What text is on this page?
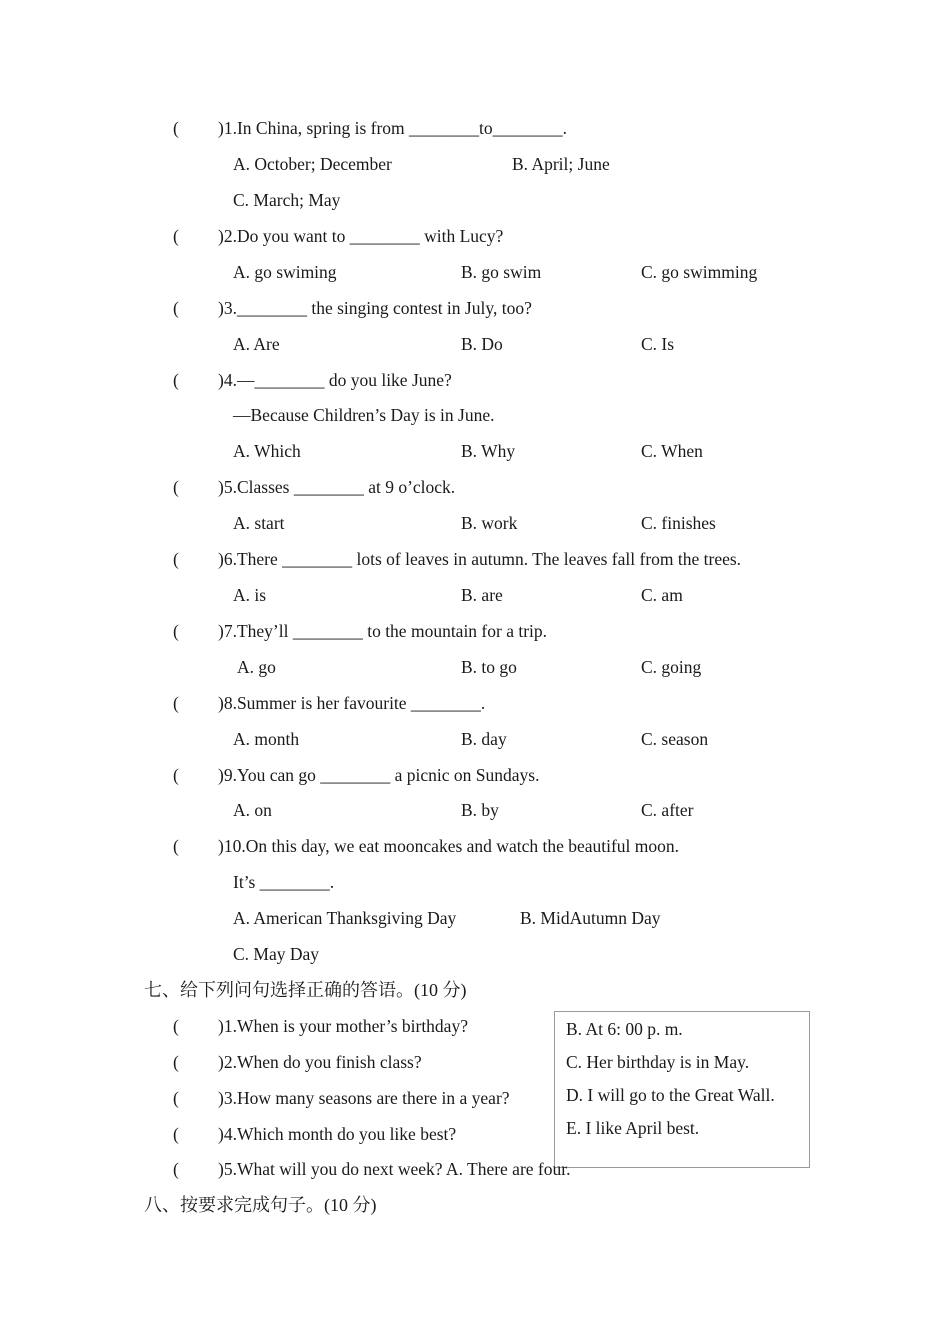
( )1.In China, spring is from ________to________.
A. October; December	B. April; June
C. March; May
( )2.Do you want to ________ with Lucy?
A. go swiming	B. go swim	C. go swimming
( )3.________ the singing contest in July, too?
A. Are	B. Do	C. Is
( )4.—________ do you like June?
—Because Children’s Day is in June.
A. Which	B. Why	C. When
( )5.Classes ________ at 9 o’clock.
A. start	B. work	C. finishes
( )6.There ________ lots of leaves in autumn. The leaves fall from the trees.
A. is	B. are	C. am
( )7.They’ll ________ to the mountain for a trip.
A. go	B. to go	C. going
( )8.Summer is her favourite ________.
A. month	B. day	C. season
( )9.You can go ________ a picnic on Sundays.
A. on	B. by	C. after
( )10.On this day, we eat mooncakes and watch the beautiful moon.
It’s ________.
A. American Thanksgiving Day	B. MidAutumn Day
C. May Day
七、给下列问句选择正确的答语。(10 分)
B. At 6: 00 p. m.
C. Her birthday is in May.
D. I will go to the Great Wall.
E. I like April best.
( )1.When is your mother’s birthday?
( )2.When do you finish class?
( )3.How many seasons are there in a year?
( )4.Which month do you like best?
( )5.What will you do next week? A. There are four.
八、按要求完成句子。(10 分)
